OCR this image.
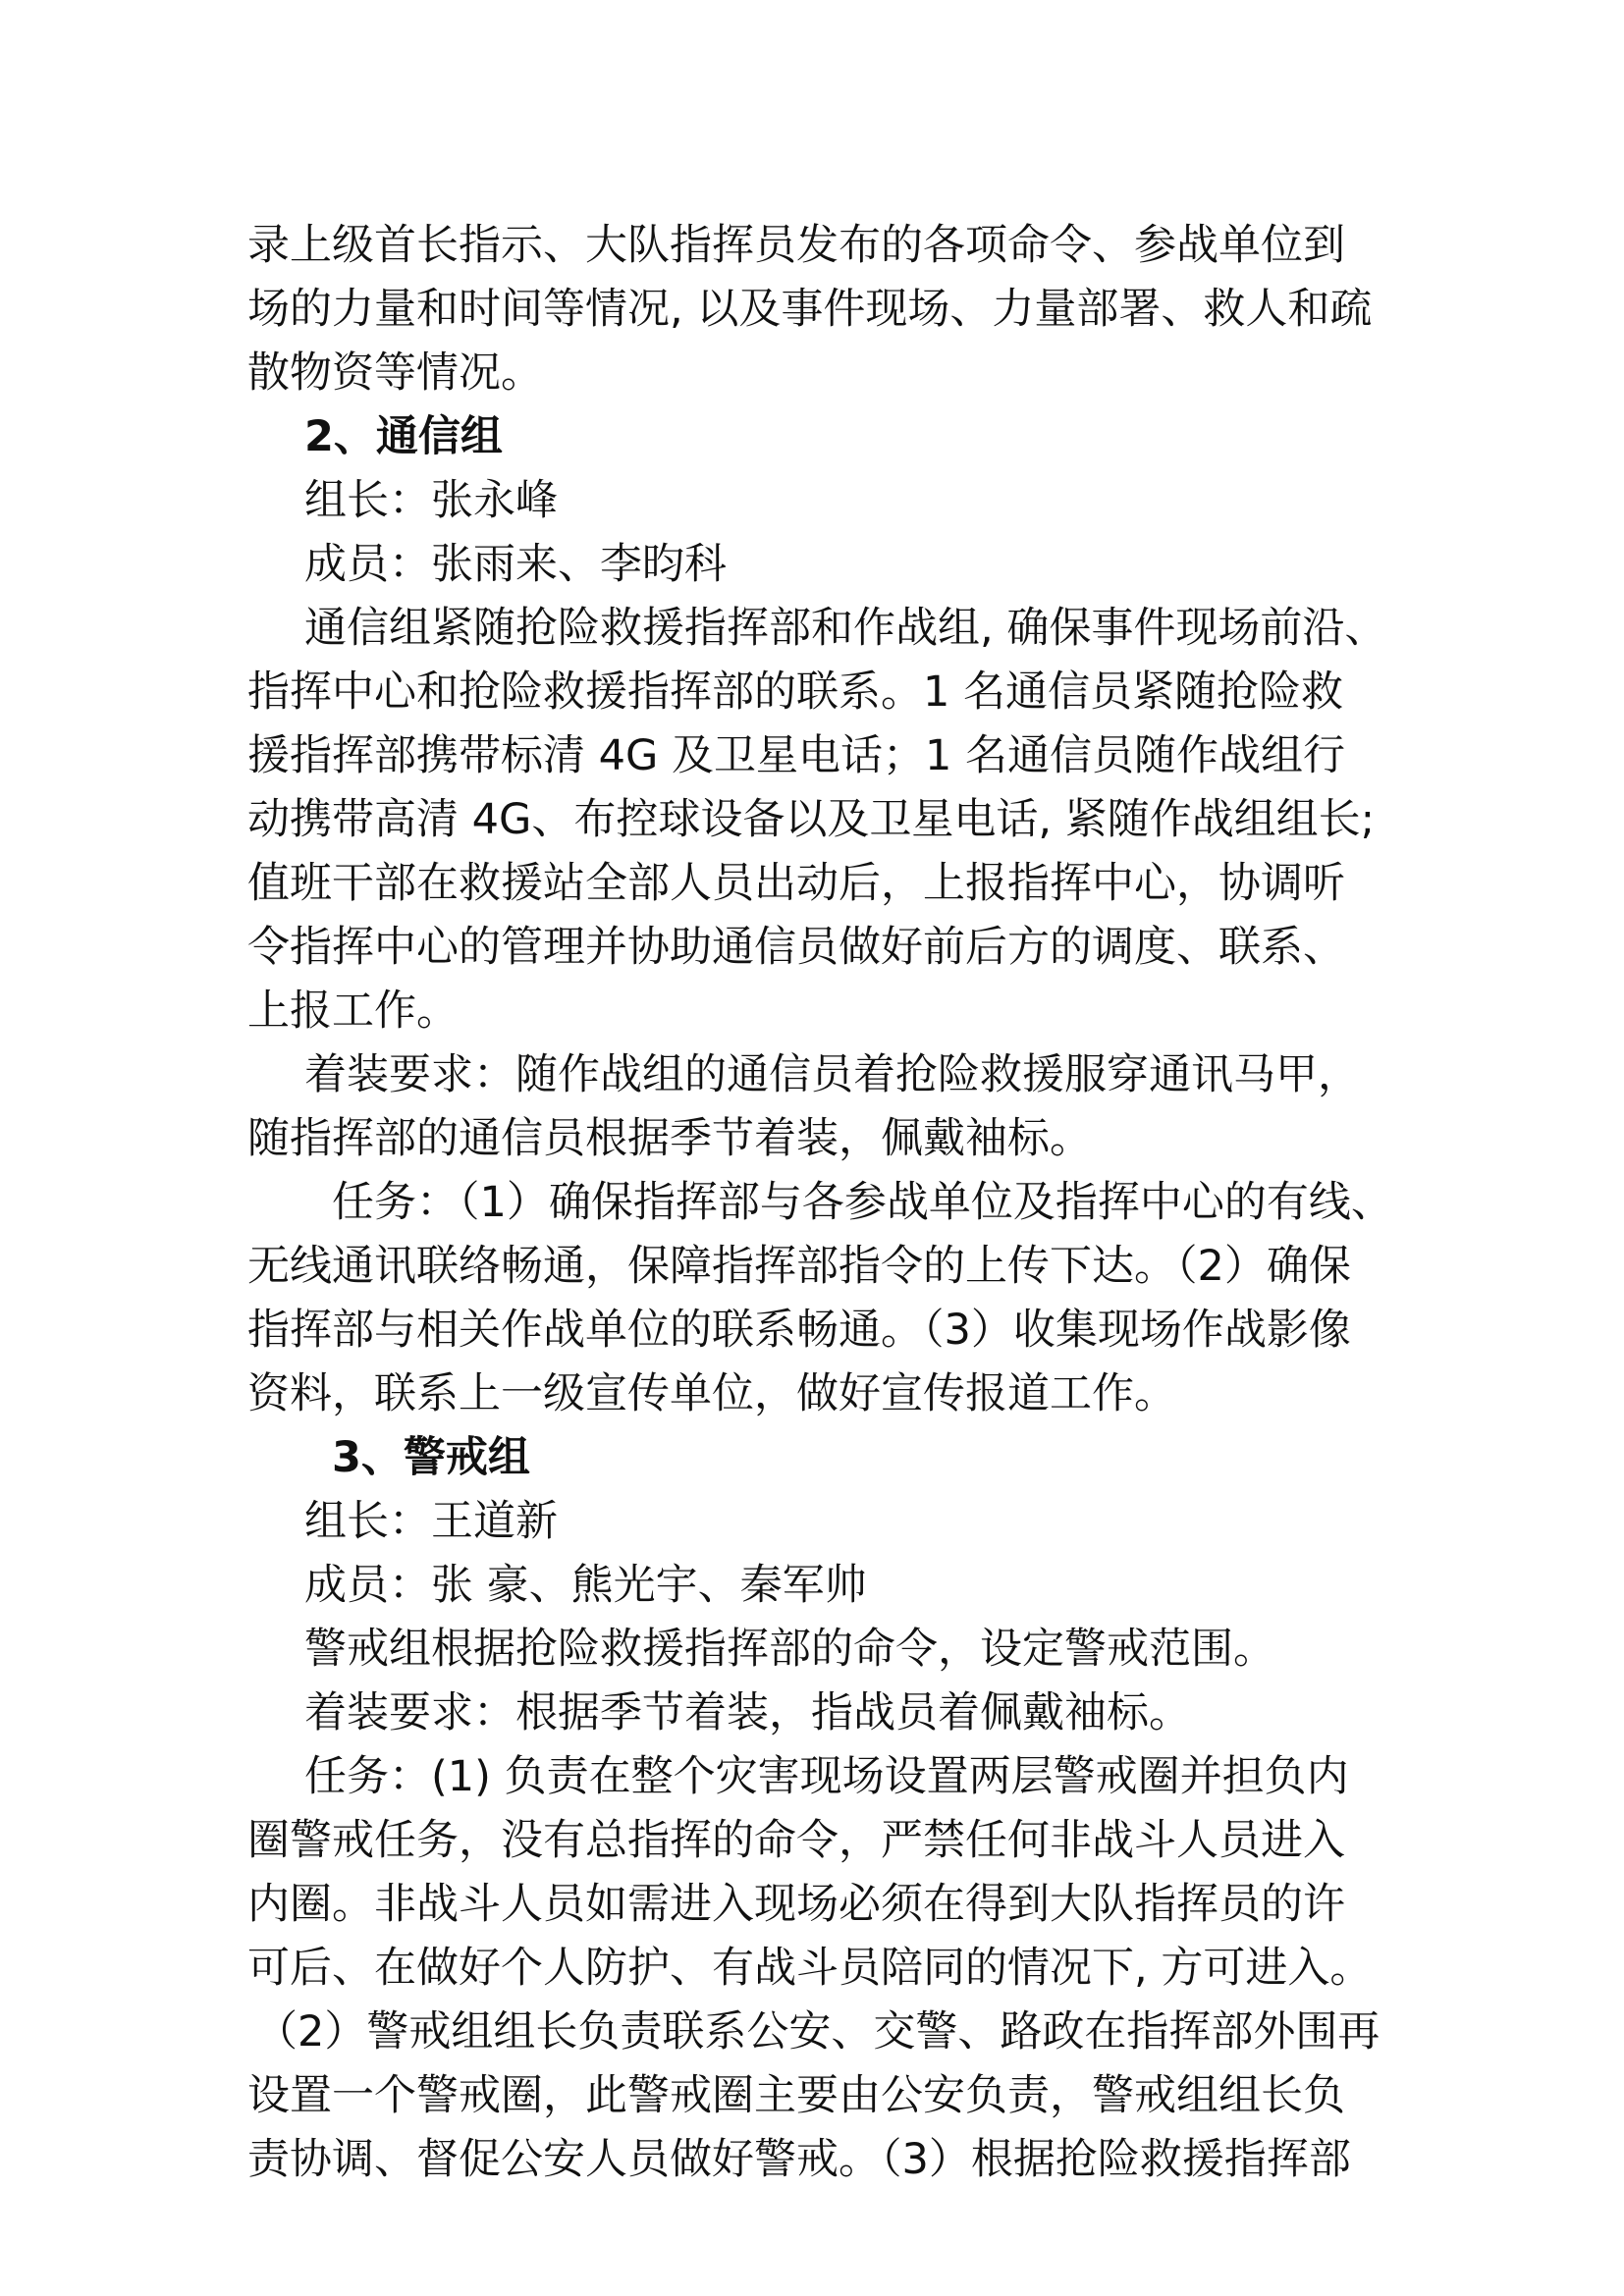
录上级首长指示、大队指挥员发布的各项命令、参战单位到
场的力量和时间等情况, 以及事件现场、力量部署、救人和疏
散物资等情况。
2、通信组
组长：张永峰
成员：张雨来、李昀科
通信组紧随抢险救援指挥部和作战组, 确保事件现场前沿、
指挥中心和抢险救援指挥部的联系。1 名通信员紧随抢险救
援指挥部携带标清 4G 及卫星电话；1 名通信员随作战组行
动携带高清 4G、布控球设备以及卫星电话, 紧随作战组组长;
值班干部在救援站全部人员出动后，上报指挥中心，协调听
令指挥中心的管理并协助通信员做好前后方的调度、联系、
上报工作。
着装要求：随作战组的通信员着抢险救援服穿通讯马甲，
随指挥部的通信员根据季节着装，佩戴袖标。
任务：（1）确保指挥部与各参战单位及指挥中心的有线、
无线通讯联络畅通，保障指挥部指令的上传下达。（2）确保
指挥部与相关作战单位的联系畅通。（3）收集现场作战影像
资料，联系上一级宣传单位，做好宣传报道工作。
3、警戒组
组长：王道新
成员：张 豪、熊光宇、秦军帅
警戒组根据抢险救援指挥部的命令，设定警戒范围。
着装要求：根据季节着装，指战员着佩戴袖标。
任务：(1) 负责在整个灾害现场设置两层警戒圈并担负内
圈警戒任务，没有总指挥的命令，严禁任何非战斗人员进入
内圈。非战斗人员如需进入现场必须在得到大队指挥员的许
可后、在做好个人防护、有战斗员陪同的情况下, 方可进入。
（2）警戒组组长负责联系公安、交警、路政在指挥部外围再
设置一个警戒圈，此警戒圈主要由公安负责，警戒组组长负
责协调、督促公安人员做好警戒。（3）根据抢险救援指挥部
